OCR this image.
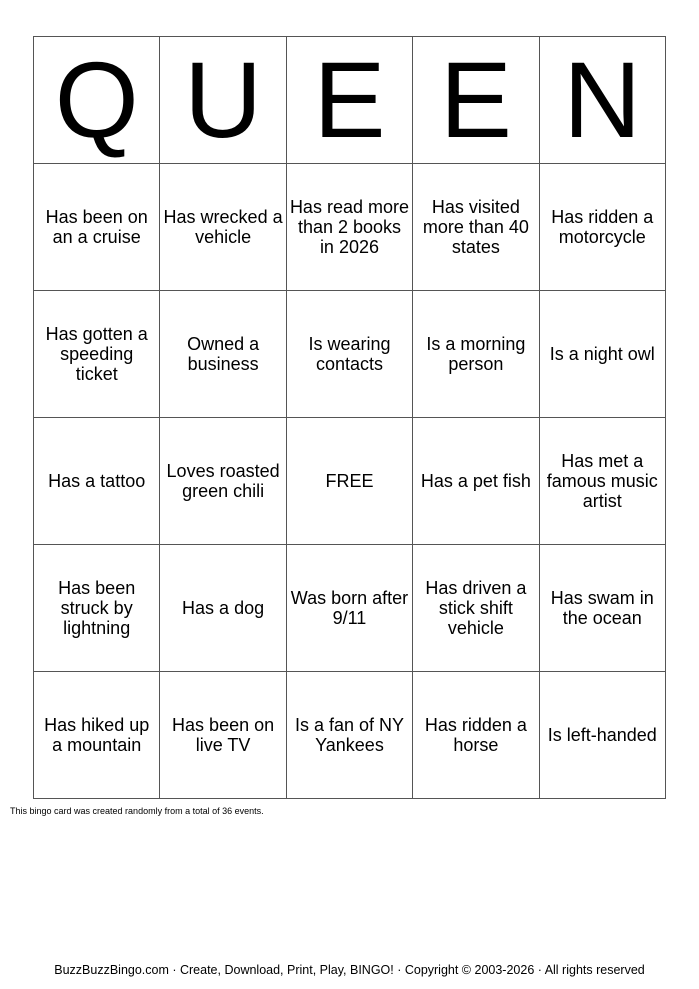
Q	U	E	E	N
Has been on an a cruise	Has wrecked a vehicle	Has read more than 2 books in 2026	Has visited more than 40 states	Has ridden a motorcycle
Has gotten a speeding ticket	Owned a business	Is wearing contacts	Is a morning person	Is a night owl
Has a tattoo	Loves roasted green chili	FREE	Has a pet fish	Has met a famous music artist
Has been struck by lightning	Has a dog	Was born after 9/11	Has driven a stick shift vehicle	Has swam in the ocean
Has hiked up a mountain	Has been on live TV	Is a fan of NY Yankees	Has ridden a horse	Is left-handed
This bingo card was created randomly from a total of 36 events.
BuzzBuzzBingo.com · Create, Download, Print, Play, BINGO! · Copyright © 2003-2026 · All rights reserved
